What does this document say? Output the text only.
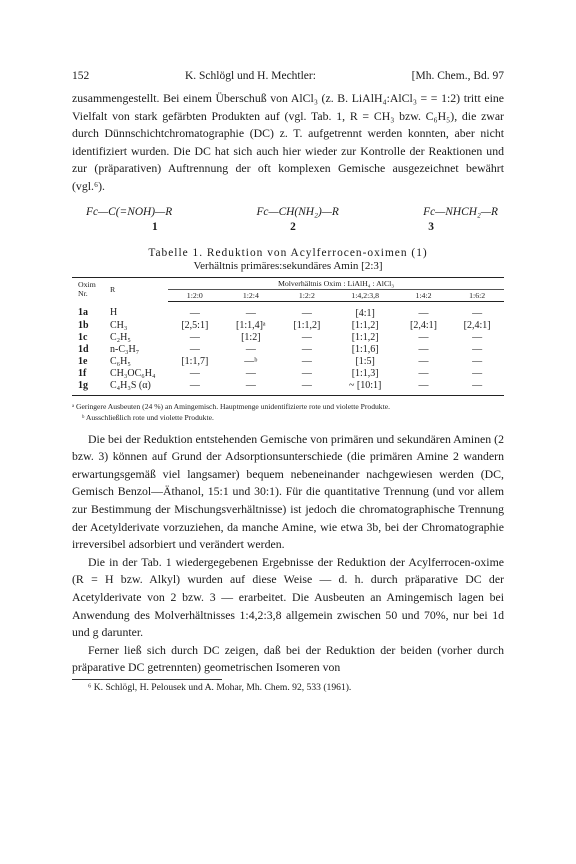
152	K. Schlögl und H. Mechtler:	[Mh. Chem., Bd. 97

zusammengestellt. Bei einem Überschuß von AlCl₃ (z. B. LiAlH₄:AlCl₃ = = 1:2) tritt eine Vielfalt von stark gefärbten Produkten auf (vgl. Tab. 1, R = CH₃ bzw. C₆H₅), die zwar durch Dünnschichtchromatographie (DC) z. T. aufgetrennt werden konnten, aber nicht identifiziert wurden. Die DC hat sich auch hier wieder zur Kontrolle der Reaktionen und zur (präparativen) Auftrennung der oft komplexen Gemische ausgezeichnet bewährt (vgl.⁶).

Fc—C(=NOH)—R	Fc—CH(NH₂)—R	Fc—NHCH₂—R
1	2	3
Tabelle 1. Reduktion von Acylferrocen-oximen (1)
Verhältnis primäres:sekundäres Amin [2:3]
Oxim Nr.	R	Molverhältnis Oxim : LiAlH₄ : AlCl₃					
		1:2:0	1:2:4	1:2:2	1:4,2:3,8	1:4:2	1:6:2
1a	H	—	—	—	[4:1]	—	—
1b	CH₃	[2,5:1]	[1:1,4]ᵃ	[1:1,2]	[1:1,2]	[2,4:1]	[2,4:1]
1c	C₂H₅	—	[1:2]	—	[1:1,2]	—	—
1d	n-C₃H₇	—	—	—	[1:1,6]	—	—
1e	C₆H₅	[1:1,7]	—ᵇ	—	[1:5]	—	—
1f	CH₃OC₆H₄	—	—	—	[1:1,3]	—	—
1g	C₄H₃S (α)	—	—	—	~ [10:1]	—	—
ᵃ Geringere Ausbeuten (24 %) an Amingemisch. Hauptmenge unidentifizierte rote und violette Produkte.
ᵇ Ausschließlich rote und violette Produkte.

Die bei der Reduktion entstehenden Gemische von primären und sekundären Aminen (2 bzw. 3) können auf Grund der Adsorptionsunterschiede (die primären Amine 2 wandern erwartungsgemäß viel langsamer) bequem nebeneinander nachgewiesen werden (DC, Gemisch Benzol—Äthanol, 15:1 und 30:1). Für die quantitative Trennung (und vor allem zur Bestimmung der Mischungsverhältnisse) ist jedoch die chromatographische Trennung der Acetylderivate vorzuziehen, da manche Amine, wie etwa 3b, bei der Chromatographie irreversibel adsorbiert und verändert werden.

Die in der Tab. 1 wiedergegebenen Ergebnisse der Reduktion der Acylferrocen-oxime (R = H bzw. Alkyl) wurden auf diese Weise — d. h. durch präparative DC der Acetylderivate von 2 bzw. 3 — erarbeitet. Die Ausbeuten an Amingemisch lagen bei Anwendung des Molverhältnisses 1:4,2:3,8 allgemein zwischen 50 und 70%, nur bei 1d und g darunter.

Ferner ließ sich durch DC zeigen, daß bei der Reduktion der beiden (vorher durch präparative DC getrennten) geometrischen Isomeren von

⁶ K. Schlögl, H. Pelousek und A. Mohar, Mh. Chem. 92, 533 (1961).
